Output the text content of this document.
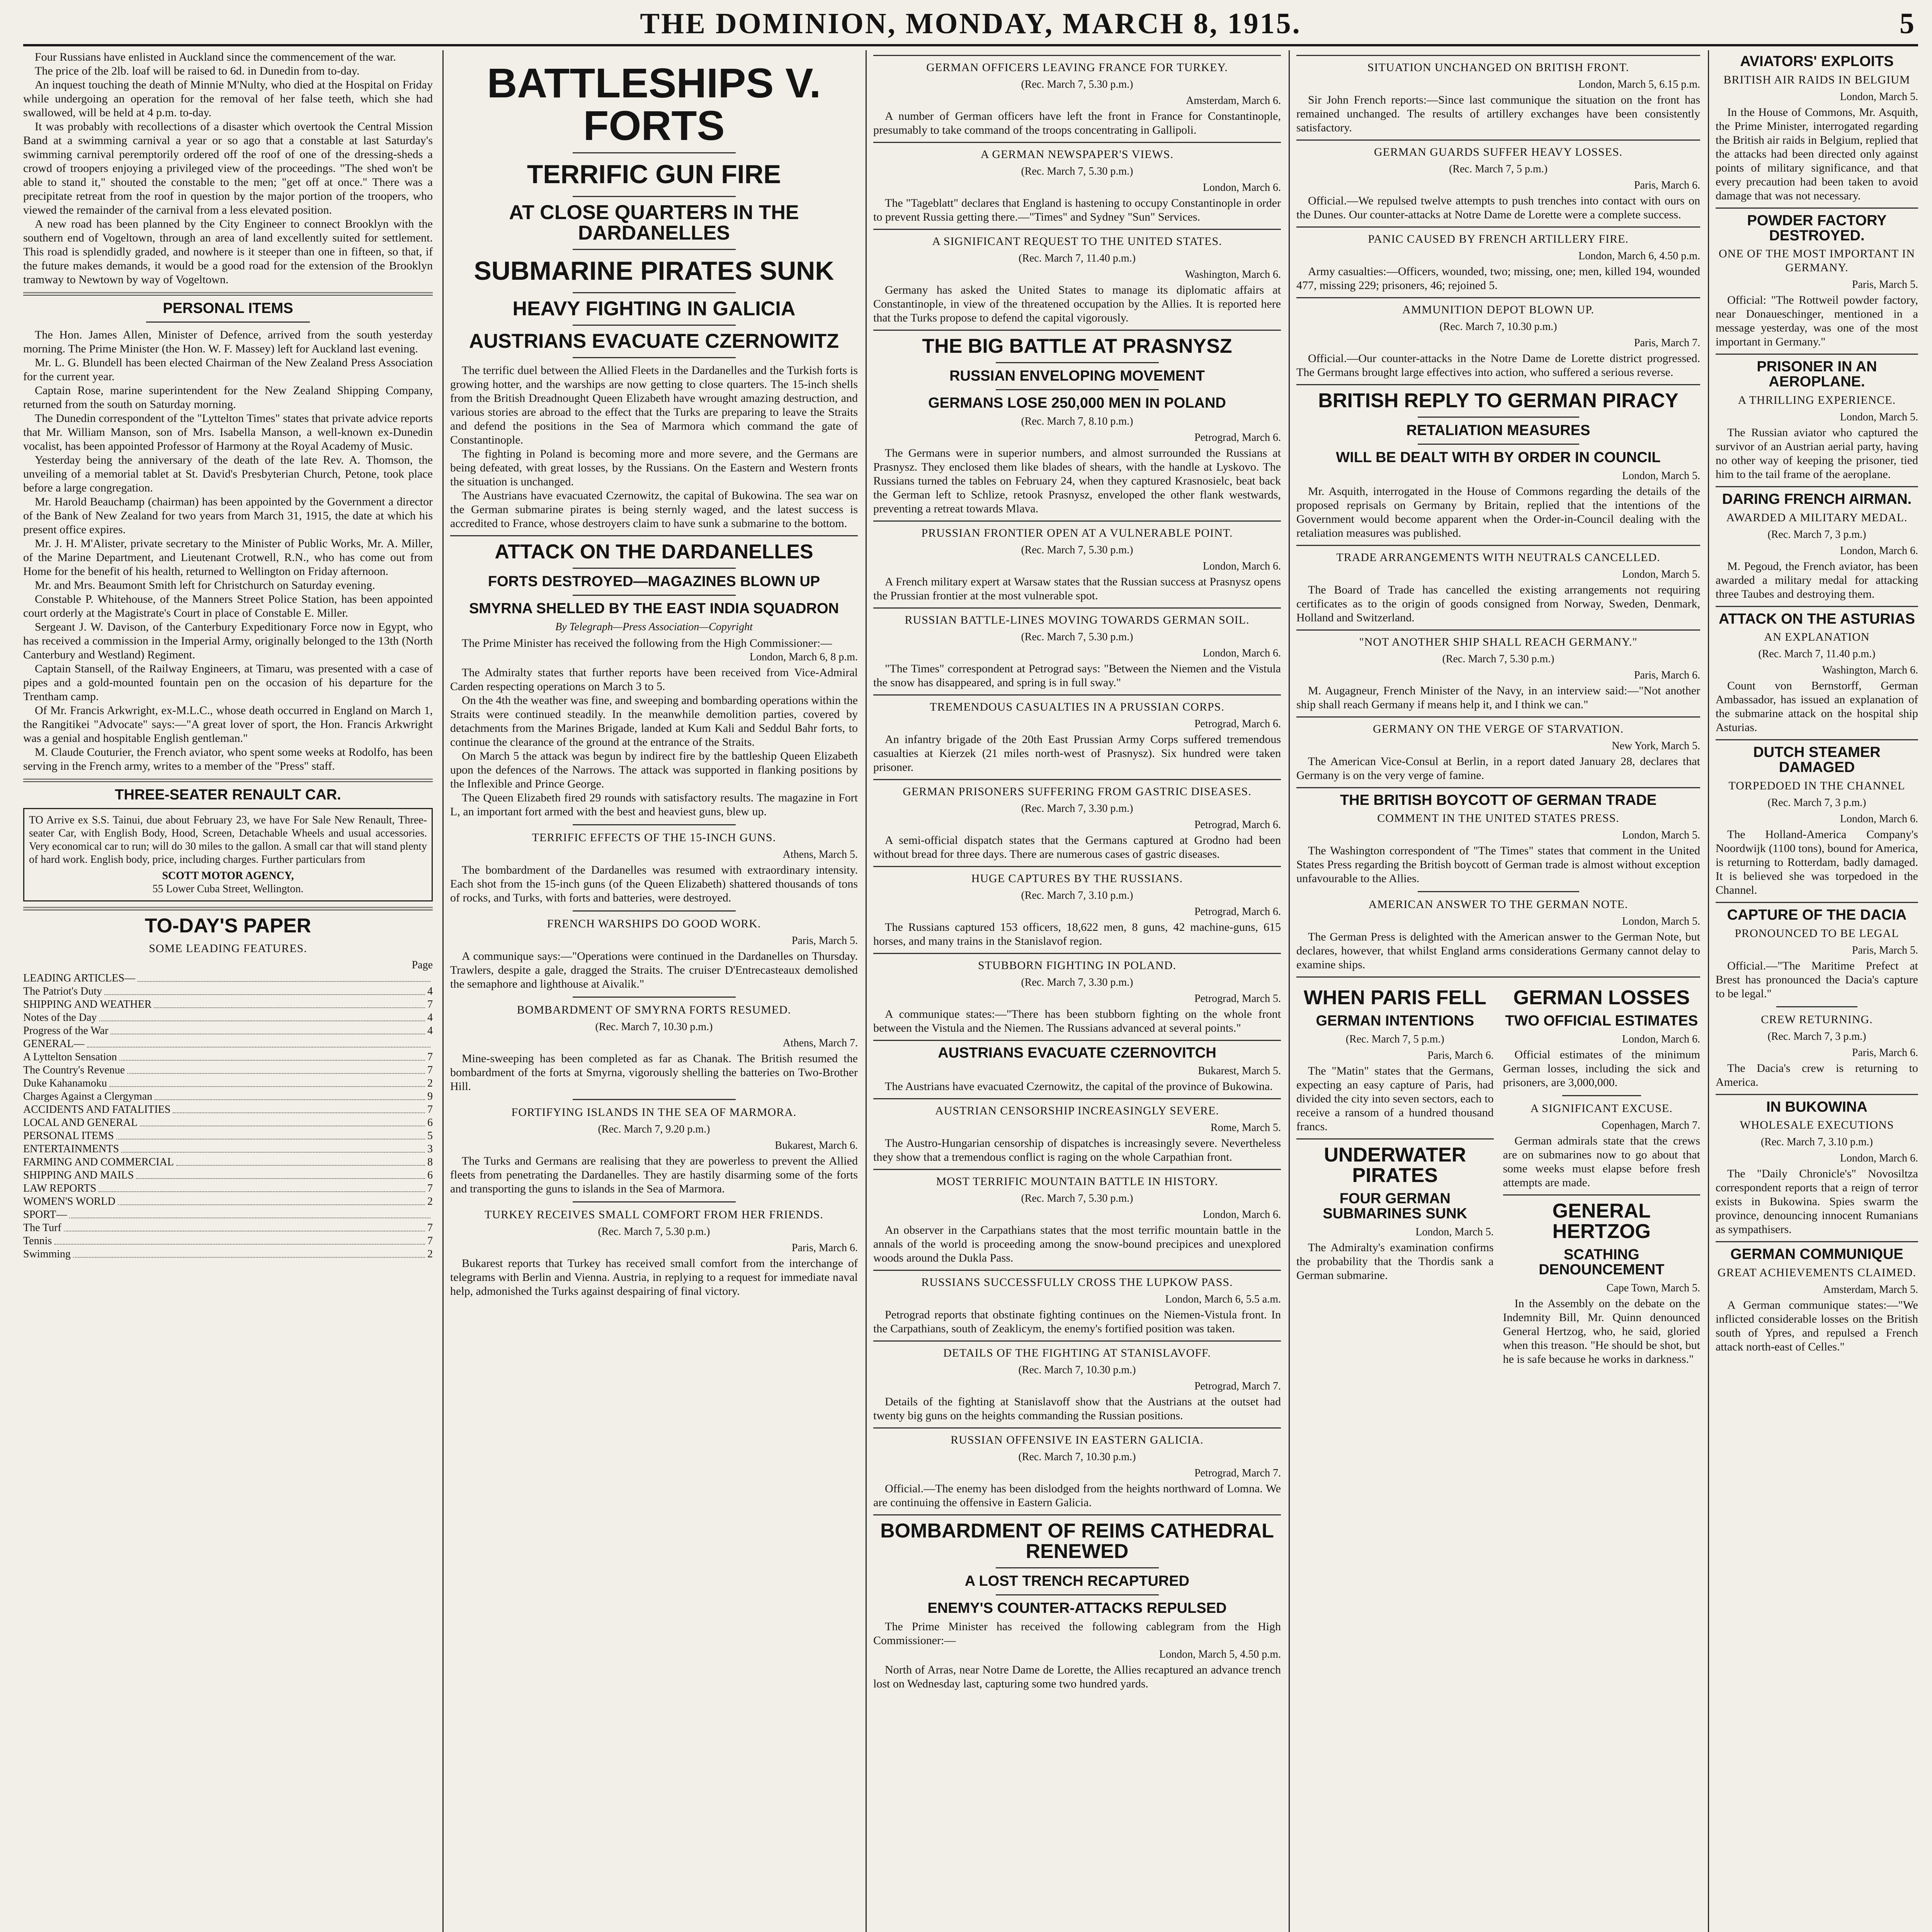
THE DOMINION, MONDAY, MARCH 8, 1915.	5

Four Russians have enlisted in Auckland since the commencement of the war.

The price of the 2lb. loaf will be raised to 6d. in Dunedin from to-day.

An inquest touching the death of Minnie M'Nulty, who died at the Hospital on Friday while undergoing an operation for the removal of her false teeth, which she had swallowed, will be held at 4 p.m. to-day.

It was probably with recollections of a disaster which overtook the Central Mission Band at a swimming carnival a year or so ago that a constable at last Saturday's swimming carnival peremptorily ordered off the roof of one of the dressing-sheds a crowd of troopers enjoying a privileged view of the proceedings. "The shed won't be able to stand it," shouted the constable to the men; "get off at once." There was a precipitate retreat from the roof in question by the major portion of the troopers, who viewed the remainder of the carnival from a less elevated position.

A new road has been planned by the City Engineer to connect Brooklyn with the southern end of Vogeltown, through an area of land excellently suited for settlement. This road is splendidly graded, and nowhere is it steeper than one in fifteen, so that, if the future makes demands, it would be a good road for the extension of the Brooklyn tramway to Newtown by way of Vogeltown.

PERSONAL ITEMS

The Hon. James Allen, Minister of Defence, arrived from the south yesterday morning. The Prime Minister (the Hon. W. F. Massey) left for Auckland last evening.

Mr. L. G. Blundell has been elected Chairman of the New Zealand Press Association for the current year.

Captain Rose, marine superintendent for the New Zealand Shipping Company, returned from the south on Saturday morning.

The Dunedin correspondent of the "Lyttelton Times" states that private advice reports that Mr. William Manson, son of Mrs. Isabella Manson, a well-known ex-Dunedin vocalist, has been appointed Professor of Harmony at the Royal Academy of Music.

Yesterday being the anniversary of the death of the late Rev. A. Thomson, the unveiling of a memorial tablet at St. David's Presbyterian Church, Petone, took place before a large congregation.

Mr. Harold Beauchamp (chairman) has been appointed by the Government a director of the Bank of New Zealand for two years from March 31, 1915, the date at which his present office expires.

Mr. J. H. M'Alister, private secretary to the Minister of Public Works, Mr. A. Miller, of the Marine Department, and Lieutenant Crotwell, R.N., who has come out from Home for the benefit of his health, returned to Wellington on Friday afternoon.

Mr. and Mrs. Beaumont Smith left for Christchurch on Saturday evening.

Constable P. Whitehouse, of the Manners Street Police Station, has been appointed court orderly at the Magistrate's Court in place of Constable E. Miller.

Sergeant J. W. Davison, of the Canterbury Expeditionary Force now in Egypt, who has received a commission in the Imperial Army, originally belonged to the 13th (North Canterbury and Westland) Regiment.

Captain Stansell, of the Railway Engineers, at Timaru, was presented with a case of pipes and a gold-mounted fountain pen on the occasion of his departure for the Trentham camp.

Of Mr. Francis Arkwright, ex-M.L.C., whose death occurred in England on March 1, the Rangitikei "Advocate" says:—"A great lover of sport, the Hon. Francis Arkwright was a genial and hospitable English gentleman."

M. Claude Couturier, the French aviator, who spent some weeks at Rodolfo, has been serving in the French army, writes to a member of the "Press" staff.

THREE-SEATER RENAULT CAR.
TO Arrive ex S.S. Tainui, due about February 23, we have For Sale New Renault, Three-seater Car, with English Body, Hood, Screen, Detachable Wheels and usual accessories. Very economical car to run; will do 30 miles to the gallon. A small car that will stand plenty of hard work. English body, price, including charges. Further particulars from
SCOTT MOTOR AGENCY,
55 Lower Cuba Street, Wellington.
TO-DAY'S PAPER
SOME LEADING FEATURES.
Page
LEADING ARTICLES—
The Patriot's Duty	4
SHIPPING AND WEATHER	7
Notes of the Day	4
Progress of the War	4
GENERAL—
A Lyttelton Sensation	7
The Country's Revenue	7
Duke Kahanamoku	2
Charges Against a Clergyman	9
ACCIDENTS AND FATALITIES	7
LOCAL AND GENERAL	6
PERSONAL ITEMS	5
ENTERTAINMENTS	3
FARMING AND COMMERCIAL	8
SHIPPING AND MAILS	6
LAW REPORTS	7
WOMEN'S WORLD	2
SPORT—
The Turf	7
Tennis	7
Swimming	2
BATTLESHIPS V. FORTS
TERRIFIC GUN FIRE
AT CLOSE QUARTERS IN THE DARDANELLES
SUBMARINE PIRATES SUNK
HEAVY FIGHTING IN GALICIA
AUSTRIANS EVACUATE CZERNOWITZ

The terrific duel between the Allied Fleets in the Dardanelles and the Turkish forts is growing hotter, and the warships are now getting to close quarters. The 15-inch shells from the British Dreadnought Queen Elizabeth have wrought amazing destruction, and various stories are abroad to the effect that the Turks are preparing to leave the Straits and defend the positions in the Sea of Marmora which command the gate of Constantinople.

The fighting in Poland is becoming more and more severe, and the Germans are being defeated, with great losses, by the Russians. On the Eastern and Western fronts the situation is unchanged.

The Austrians have evacuated Czernowitz, the capital of Bukowina. The sea war on the German submarine pirates is being sternly waged, and the latest success is accredited to France, whose destroyers claim to have sunk a submarine to the bottom.

ATTACK ON THE DARDANELLES
FORTS DESTROYED—MAGAZINES BLOWN UP
SMYRNA SHELLED BY THE EAST INDIA SQUADRON
By Telegraph—Press Association—Copyright

The Prime Minister has received the following from the High Commissioner:—

London, March 6, 8 p.m.

The Admiralty states that further reports have been received from Vice-Admiral Carden respecting operations on March 3 to 5.

On the 4th the weather was fine, and sweeping and bombarding operations within the Straits were continued steadily. In the meanwhile demolition parties, covered by detachments from the Marines Brigade, landed at Kum Kali and Seddul Bahr forts, to continue the clearance of the ground at the entrance of the Straits.

On March 5 the attack was begun by indirect fire by the battleship Queen Elizabeth upon the defences of the Narrows. The attack was supported in flanking positions by the Inflexible and Prince George.

The Queen Elizabeth fired 29 rounds with satisfactory results. The magazine in Fort L, an important fort armed with the best and heaviest guns, blew up.

TERRIFIC EFFECTS OF THE 15-INCH GUNS.
Athens, March 5.

The bombardment of the Dardanelles was resumed with extraordinary intensity. Each shot from the 15-inch guns (of the Queen Elizabeth) shattered thousands of tons of rocks, and Turks, with forts and batteries, were destroyed.

FRENCH WARSHIPS DO GOOD WORK.
Paris, March 5.

A communique says:—"Operations were continued in the Dardanelles on Thursday. Trawlers, despite a gale, dragged the Straits. The cruiser D'Entrecasteaux demolished the semaphore and lighthouse at Aivalik."

BOMBARDMENT OF SMYRNA FORTS RESUMED.
(Rec. March 7, 10.30 p.m.)
Athens, March 7.

Mine-sweeping has been completed as far as Chanak. The British resumed the bombardment of the forts at Smyrna, vigorously shelling the batteries on Two-Brother Hill.

FORTIFYING ISLANDS IN THE SEA OF MARMORA.
(Rec. March 7, 9.20 p.m.)
Bukarest, March 6.

The Turks and Germans are realising that they are powerless to prevent the Allied fleets from penetrating the Dardanelles. They are hastily disarming some of the forts and transporting the guns to islands in the Sea of Marmora.

TURKEY RECEIVES SMALL COMFORT FROM HER FRIENDS.
(Rec. March 7, 5.30 p.m.)
Paris, March 6.

Bukarest reports that Turkey has received small comfort from the interchange of telegrams with Berlin and Vienna. Austria, in replying to a request for immediate naval help, admonished the Turks against despairing of final victory.

GERMAN OFFICERS LEAVING FRANCE FOR TURKEY.
(Rec. March 7, 5.30 p.m.)
Amsterdam, March 6.

A number of German officers have left the front in France for Constantinople, presumably to take command of the troops concentrating in Gallipoli.

A GERMAN NEWSPAPER'S VIEWS.
(Rec. March 7, 5.30 p.m.)
London, March 6.

The "Tageblatt" declares that England is hastening to occupy Constantinople in order to prevent Russia getting there.—"Times" and Sydney "Sun" Services.

A SIGNIFICANT REQUEST TO THE UNITED STATES.
(Rec. March 7, 11.40 p.m.)
Washington, March 6.

Germany has asked the United States to manage its diplomatic affairs at Constantinople, in view of the threatened occupation by the Allies. It is reported here that the Turks propose to defend the capital vigorously.

THE BIG BATTLE AT PRASNYSZ
RUSSIAN ENVELOPING MOVEMENT
GERMANS LOSE 250,000 MEN IN POLAND
(Rec. March 7, 8.10 p.m.)
Petrograd, March 6.

The Germans were in superior numbers, and almost surrounded the Russians at Prasnysz. They enclosed them like blades of shears, with the handle at Lyskovo. The Russians turned the tables on February 24, when they captured Krasnosielc, beat back the German left to Schlize, retook Prasnysz, enveloped the other flank westwards, preventing a retreat towards Mlava.

PRUSSIAN FRONTIER OPEN AT A VULNERABLE POINT.
(Rec. March 7, 5.30 p.m.)
London, March 6.

A French military expert at Warsaw states that the Russian success at Prasnysz opens the Prussian frontier at the most vulnerable spot.

RUSSIAN BATTLE-LINES MOVING TOWARDS GERMAN SOIL.
(Rec. March 7, 5.30 p.m.)
London, March 6.

"The Times" correspondent at Petrograd says: "Between the Niemen and the Vistula the snow has disappeared, and spring is in full sway."

TREMENDOUS CASUALTIES IN A PRUSSIAN CORPS.
Petrograd, March 6.

An infantry brigade of the 20th East Prussian Army Corps suffered tremendous casualties at Kierzek (21 miles north-west of Prasnysz). Six hundred were taken prisoner.

GERMAN PRISONERS SUFFERING FROM GASTRIC DISEASES.
(Rec. March 7, 3.30 p.m.)
Petrograd, March 6.

A semi-official dispatch states that the Germans captured at Grodno had been without bread for three days. There are numerous cases of gastric diseases.

HUGE CAPTURES BY THE RUSSIANS.
(Rec. March 7, 3.10 p.m.)
Petrograd, March 6.

The Russians captured 153 officers, 18,622 men, 8 guns, 42 machine-guns, 615 horses, and many trains in the Stanislavof region.

STUBBORN FIGHTING IN POLAND.
(Rec. March 7, 3.30 p.m.)
Petrograd, March 5.

A communique states:—"There has been stubborn fighting on the whole front between the Vistula and the Niemen. The Russians advanced at several points."

AUSTRIANS EVACUATE CZERNOVITCH
Bukarest, March 5.

The Austrians have evacuated Czernowitz, the capital of the province of Bukowina.

AUSTRIAN CENSORSHIP INCREASINGLY SEVERE.
Rome, March 5.

The Austro-Hungarian censorship of dispatches is increasingly severe. Nevertheless they show that a tremendous conflict is raging on the whole Carpathian front.

MOST TERRIFIC MOUNTAIN BATTLE IN HISTORY.
(Rec. March 7, 5.30 p.m.)
London, March 6.

An observer in the Carpathians states that the most terrific mountain battle in the annals of the world is proceeding among the snow-bound precipices and unexplored woods around the Dukla Pass.

RUSSIANS SUCCESSFULLY CROSS THE LUPKOW PASS.
London, March 6, 5.5 a.m.

Petrograd reports that obstinate fighting continues on the Niemen-Vistula front. In the Carpathians, south of Zeaklicym, the enemy's fortified position was taken.

DETAILS OF THE FIGHTING AT STANISLAVOFF.
(Rec. March 7, 10.30 p.m.)
Petrograd, March 7.

Details of the fighting at Stanislavoff show that the Austrians at the outset had twenty big guns on the heights commanding the Russian positions.

RUSSIAN OFFENSIVE IN EASTERN GALICIA.
(Rec. March 7, 10.30 p.m.)
Petrograd, March 7.

Official.—The enemy has been dislodged from the heights northward of Lomna. We are continuing the offensive in Eastern Galicia.

BOMBARDMENT OF REIMS CATHEDRAL RENEWED
A LOST TRENCH RECAPTURED
ENEMY'S COUNTER-ATTACKS REPULSED

The Prime Minister has received the following cablegram from the High Commissioner:—

London, March 5, 4.50 p.m.

North of Arras, near Notre Dame de Lorette, the Allies recaptured an advance trench lost on Wednesday last, capturing some two hundred yards.

SITUATION UNCHANGED ON BRITISH FRONT.
London, March 5, 6.15 p.m.

Sir John French reports:—Since last communique the situation on the front has remained unchanged. The results of artillery exchanges have been consistently satisfactory.

GERMAN GUARDS SUFFER HEAVY LOSSES.
(Rec. March 7, 5 p.m.)
Paris, March 6.

Official.—We repulsed twelve attempts to push trenches into contact with ours on the Dunes. Our counter-attacks at Notre Dame de Lorette were a complete success.

PANIC CAUSED BY FRENCH ARTILLERY FIRE.
London, March 6, 4.50 p.m.

Army casualties:—Officers, wounded, two; missing, one; men, killed 194, wounded 477, missing 229; prisoners, 46; rejoined 5.

AMMUNITION DEPOT BLOWN UP.
(Rec. March 7, 10.30 p.m.)
Paris, March 7.

Official.—Our counter-attacks in the Notre Dame de Lorette district progressed. The Germans brought large effectives into action, who suffered a serious reverse.

BRITISH REPLY TO GERMAN PIRACY
RETALIATION MEASURES
WILL BE DEALT WITH BY ORDER IN COUNCIL
London, March 5.

Mr. Asquith, interrogated in the House of Commons regarding the details of the proposed reprisals on Germany by Britain, replied that the intentions of the Government would become apparent when the Order-in-Council dealing with the retaliation measures was published.

TRADE ARRANGEMENTS WITH NEUTRALS CANCELLED.
London, March 5.

The Board of Trade has cancelled the existing arrangements not requiring certificates as to the origin of goods consigned from Norway, Sweden, Denmark, Holland and Switzerland.

"NOT ANOTHER SHIP SHALL REACH GERMANY."
(Rec. March 7, 5.30 p.m.)
Paris, March 6.

M. Augagneur, French Minister of the Navy, in an interview said:—"Not another ship shall reach Germany if means help it, and I think we can."

GERMANY ON THE VERGE OF STARVATION.
New York, March 5.

The American Vice-Consul at Berlin, in a report dated January 28, declares that Germany is on the very verge of famine.

THE BRITISH BOYCOTT OF GERMAN TRADE
COMMENT IN THE UNITED STATES PRESS.
London, March 5.

The Washington correspondent of "The Times" states that comment in the United States Press regarding the British boycott of German trade is almost without exception unfavourable to the Allies.

AMERICAN ANSWER TO THE GERMAN NOTE.
London, March 5.

The German Press is delighted with the American answer to the German Note, but declares, however, that whilst England arms considerations Germany cannot delay to examine ships.

WHEN PARIS FELL
GERMAN INTENTIONS
(Rec. March 7, 5 p.m.)
Paris, March 6.

The "Matin" states that the Germans, expecting an easy capture of Paris, had divided the city into seven sectors, each to receive a ransom of a hundred thousand francs.

UNDERWATER PIRATES
FOUR GERMAN SUBMARINES SUNK
London, March 5.

The Admiralty's examination confirms the probability that the Thordis sank a German submarine.

GERMAN LOSSES
TWO OFFICIAL ESTIMATES
London, March 6.

Official estimates of the minimum German losses, including the sick and prisoners, are 3,000,000.

A SIGNIFICANT EXCUSE.
Copenhagen, March 7.

German admirals state that the crews are on submarines now to go about that some weeks must elapse before fresh attempts are made.

GENERAL HERTZOG
SCATHING DENOUNCEMENT
Cape Town, March 5.

In the Assembly on the debate on the Indemnity Bill, Mr. Quinn denounced General Hertzog, who, he said, gloried when this treason. "He should be shot, but he is safe because he works in darkness."

AVIATORS' EXPLOITS
BRITISH AIR RAIDS IN BELGIUM
London, March 5.

In the House of Commons, Mr. Asquith, the Prime Minister, interrogated regarding the British air raids in Belgium, replied that the attacks had been directed only against points of military significance, and that every precaution had been taken to avoid damage that was not necessary.

POWDER FACTORY DESTROYED.
ONE OF THE MOST IMPORTANT IN GERMANY.
Paris, March 5.

Official: "The Rottweil powder factory, near Donaueschinger, mentioned in a message yesterday, was one of the most important in Germany."

PRISONER IN AN AEROPLANE.
A THRILLING EXPERIENCE.
London, March 5.

The Russian aviator who captured the survivor of an Austrian aerial party, having no other way of keeping the prisoner, tied him to the tail frame of the aeroplane.

DARING FRENCH AIRMAN.
AWARDED A MILITARY MEDAL.
(Rec. March 7, 3 p.m.)
London, March 6.

M. Pegoud, the French aviator, has been awarded a military medal for attacking three Taubes and destroying them.

ATTACK ON THE ASTURIAS
AN EXPLANATION
(Rec. March 7, 11.40 p.m.)
Washington, March 6.

Count von Bernstorff, German Ambassador, has issued an explanation of the submarine attack on the hospital ship Asturias.

DUTCH STEAMER DAMAGED
TORPEDOED IN THE CHANNEL
(Rec. March 7, 3 p.m.)
London, March 6.

The Holland-America Company's Noordwijk (1100 tons), bound for America, is returning to Rotterdam, badly damaged. It is believed she was torpedoed in the Channel.

CAPTURE OF THE DACIA
PRONOUNCED TO BE LEGAL
Paris, March 5.

Official.—"The Maritime Prefect at Brest has pronounced the Dacia's capture to be legal."

CREW RETURNING.
(Rec. March 7, 3 p.m.)
Paris, March 6.

The Dacia's crew is returning to America.

IN BUKOWINA
WHOLESALE EXECUTIONS
(Rec. March 7, 3.10 p.m.)
London, March 6.

The "Daily Chronicle's" Novosiltza correspondent reports that a reign of terror exists in Bukowina. Spies swarm the province, denouncing innocent Rumanians as sympathisers.

GERMAN COMMUNIQUE
GREAT ACHIEVEMENTS CLAIMED.
Amsterdam, March 5.

A German communique states:—"We inflicted considerable losses on the British south of Ypres, and repulsed a French attack north-east of Celles."
